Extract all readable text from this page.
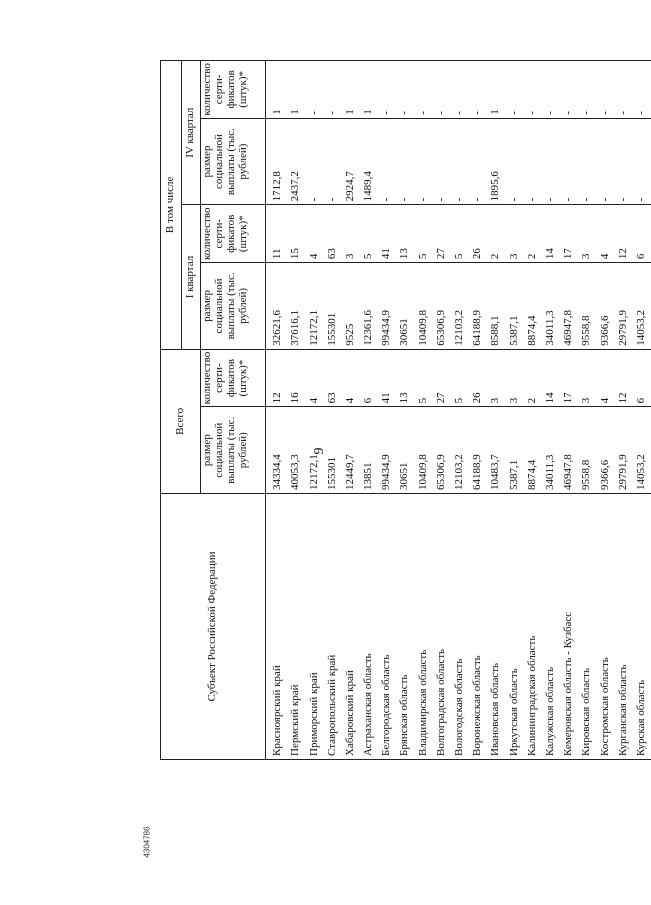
9
4304786
Субъект Российской Федерации	Всего		В том числе			
			I квартал		IV квартал	
	размер социальной выплаты (тыс. рублей)	количество серти-фикатов (штук)*	размер социальной выплаты (тыс. рублей)	количество серти-фикатов (штук)*	размер социальной выплаты (тыс. рублей)	количество серти-фикатов (штук)*
Красноярский край	34334,4	12	32621,6	11	1712,8	1
Пермский край	40053,3	16	37616,1	15	2437,2	1
Приморский край	12172,1	4	12172,1	4	-	-
Ставропольский край	155301	63	155301	63	-	-
Хабаровский край	12449,7	4	9525	3	2924,7	1
Астраханская область	13851	6	12361,6	5	1489,4	1
Белгородская область	99434,9	41	99434,9	41	-	-
Брянская область	30651	13	30651	13	-	-
Владимирская область	10409,8	5	10409,8	5	-	-
Волгоградская область	65306,9	27	65306,9	27	-	-
Вологодская область	12103,2	5	12103,2	5	-	-
Воронежская область	64188,9	26	64188,9	26	-	-
Ивановская область	10483,7	3	8588,1	2	1895,6	1
Иркутская область	5387,1	3	5387,1	3	-	-
Калининградская область	8874,4	2	8874,4	2	-	-
Калужская область	34011,3	14	34011,3	14	-	-
Кемеровская область - Кузбасс	46947,8	17	46947,8	17	-	-
Кировская область	9558,8	3	9558,8	3	-	-
Костромская область	9366,6	4	9366,6	4	-	-
Курганская область	29791,9	12	29791,9	12	-	-
Курская область	14053,2	6	14053,2	6	-	-
